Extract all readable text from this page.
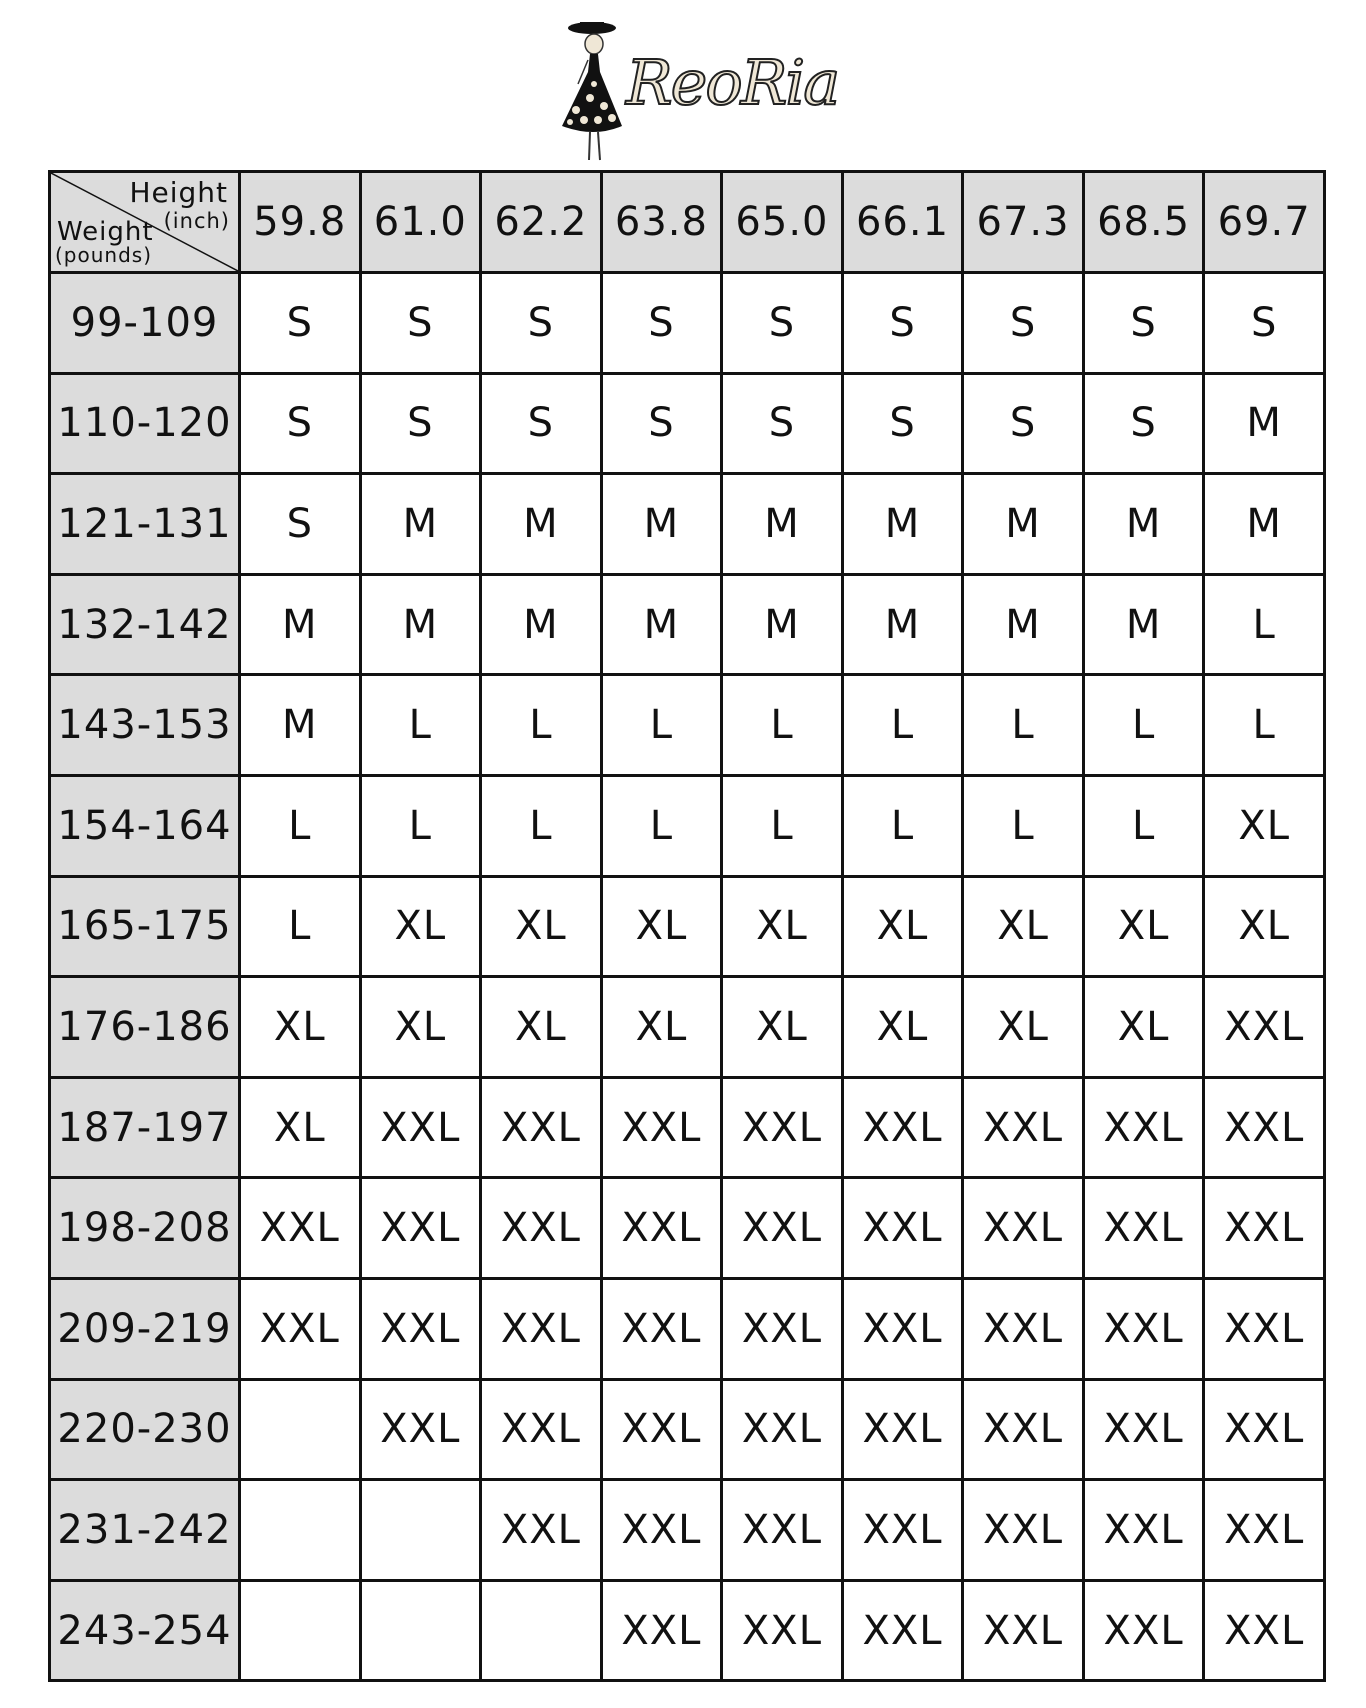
ReoRia
Height
(inch)
Weight
(pounds)	59.8	61.0	62.2	63.8	65.0	66.1	67.3	68.5	69.7
99-109	S	S	S	S	S	S	S	S	S
110-120	S	S	S	S	S	S	S	S	M
121-131	S	M	M	M	M	M	M	M	M
132-142	M	M	M	M	M	M	M	M	L
143-153	M	L	L	L	L	L	L	L	L
154-164	L	L	L	L	L	L	L	L	XL
165-175	L	XL	XL	XL	XL	XL	XL	XL	XL
176-186	XL	XL	XL	XL	XL	XL	XL	XL	XXL
187-197	XL	XXL	XXL	XXL	XXL	XXL	XXL	XXL	XXL
198-208	XXL	XXL	XXL	XXL	XXL	XXL	XXL	XXL	XXL
209-219	XXL	XXL	XXL	XXL	XXL	XXL	XXL	XXL	XXL
220-230		XXL	XXL	XXL	XXL	XXL	XXL	XXL	XXL
231-242			XXL	XXL	XXL	XXL	XXL	XXL	XXL
243-254				XXL	XXL	XXL	XXL	XXL	XXL
